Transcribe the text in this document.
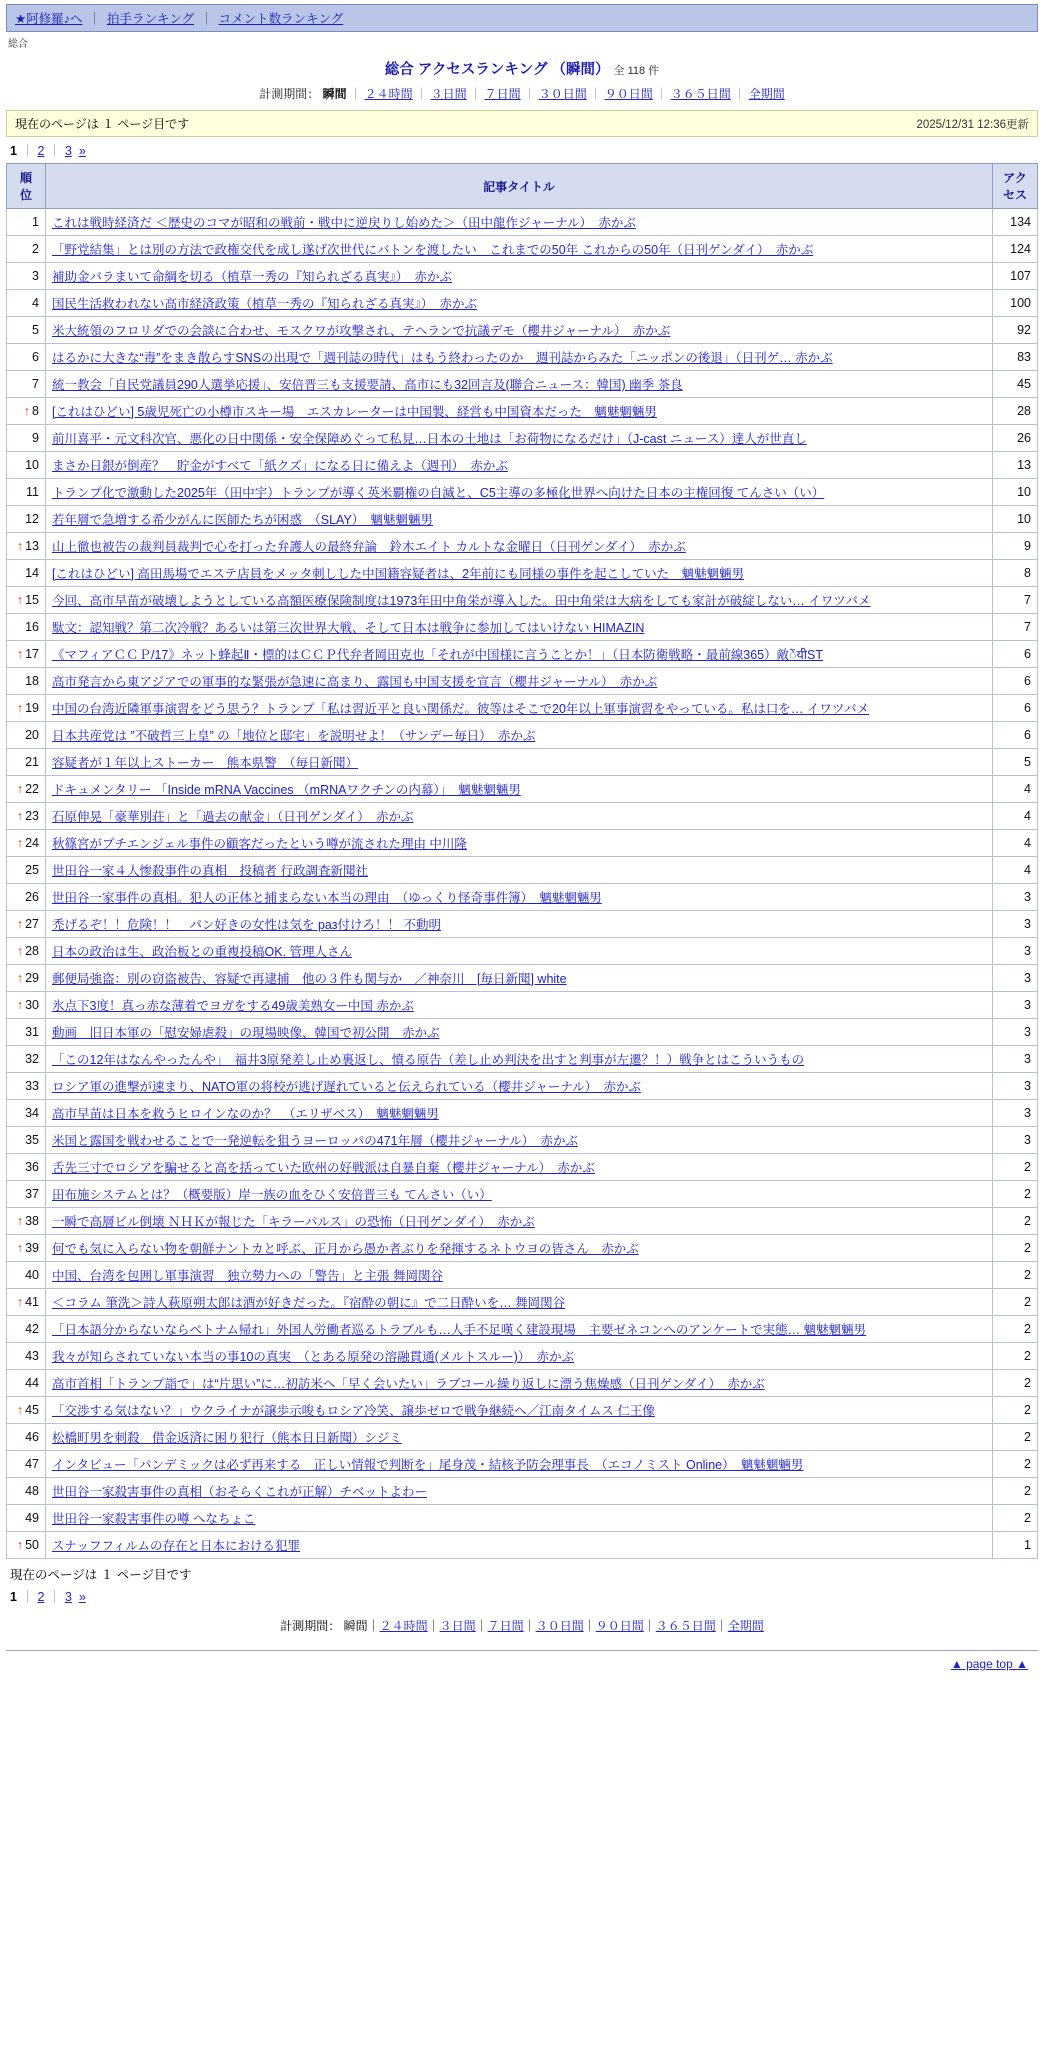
★阿修羅♪へ ｜ 拍手ランキング ｜ コメント数ランキング
総合
総合 アクセスランキング （瞬間） 全 118 件
計測期間： 瞬間 ｜ ２４時間 ｜ ３日間 ｜ ７日間 ｜ ３０日間 ｜ ９０日間 ｜ ３６５日間 ｜ 全期間
現在のページは １ ページ目です	2025/12/31 12:36更新
1 ｜ 2 ｜ 3 »
順
位	記事タイトル	アク
セス
1	これは戦時経済だ ＜歴史のコマが昭和の戦前・戦中に逆戻りし始めた＞（田中龍作ジャーナル）　赤かぶ	134
2	「野党結集」とは別の方法で政権交代を成し遂げ次世代にバトンを渡したい　これまでの50年 これからの50年（日刊ゲンダイ）　赤かぶ	124
3	補助金バラまいて命綱を切る（植草一秀の『知られざる真実』）　赤かぶ	107
4	国民生活救われない高市経済政策（植草一秀の『知られざる真実』）　赤かぶ	100
5	米大統領のフロリダでの会談に合わせ、モスクワが攻撃され、テヘランで抗議デモ（櫻井ジャーナル）　赤かぶ	92
6	はるかに大きな“毒”をまき散らすSNSの出現で「週刊誌の時代」はもう終わったのか　週刊誌からみた「ニッポンの後退」（日刊ゲ… 赤かぶ	83
7	統一教会「自民党議員290人選挙応援」、安倍晋三も支援要請、高市にも32回言及(聯合ニュース：韓国) 幽季 茶良	45
↑ 8	[これはひどい] 5歳児死亡の小樽市スキー場　エスカレーターは中国製、経営も中国資本だった　魑魅魍魎男	28
9	前川喜平・元文科次官、悪化の日中関係・安全保障めぐって私見…日本の土地は「お荷物になるだけ」（J-cast ニュース）達人が世直し	26
10	まさか日銀が倒産？　貯金がすべて「紙クズ」になる日に備えよ（週刊）　赤かぶ	13
11	トランプ化で激動した2025年（田中宇）トランプが導く英米覇権の自滅と、C5主導の多極化世界へ向けた日本の主権回復 てんさい（い）	10
12	若年層で急増する希少がんに医師たちが困惑　（SLAY）　魑魅魍魎男	10
↑ 13	山上徹也被告の裁判員裁判で心を打った弁護人の最終弁論　鈴木エイト カルトな金曜日（日刊ゲンダイ）　赤かぶ	9
14	[これはひどい] 高田馬場でエステ店員をメッタ刺しした中国籍容疑者は、2年前にも同様の事件を起こしていた　魑魅魍魎男	8
↑ 15	今回、高市早苗が破壊しようとしている高額医療保険制度は1973年田中角栄が導入した。田中角栄は大病をしても家計が破綻しない… イワツバメ	7
16	駄文：認知戦？第二次冷戦？あるいは第三次世界大戦、そして日本は戦争に参加してはいけない HIMAZIN	7
↑ 17	《マフィアＣＣＰ/17》ネット蜂起Ⅱ・標的はＣＣＰ代弁者岡田克也「それが中国様に言うことか！」（日本防衛戦略・最前線365）敵ेंयीST	6
18	高市発言から東アジアでの軍事的な緊張が急速に高まり、露国も中国支援を宣言（櫻井ジャーナル）　赤かぶ	6
↑ 19	中国の台湾近隣軍事演習をどう思う？トランプ「私は習近平と良い関係だ。彼等はそこで20年以上軍事演習をやっている。私は口を… イワツバメ	6
20	日本共産党は ”不破哲三上皇” の「地位と邸宅」を説明せよ！（サンデー毎日）　赤かぶ	6
21	容疑者が１年以上ストーカー　熊本県警　（毎日新聞）	5
↑ 22	ドキュメンタリー 「Inside mRNA Vaccines （mRNAワクチンの内幕）」　魑魅魍魎男	4
↑ 23	石原伸晃「豪華別荘」と「過去の献金」（日刊ゲンダイ）　赤かぶ	4
↑ 24	秋篠宮がプチエンジェル事件の顧客だったという噂が流された理由 中川隆	4
25	世田谷一家４人惨殺事件の真相　投稿者 行政調査新聞社	4
26	世田谷一家事件の真相。犯人の正体と捕まらない本当の理由　（ゆっくり怪奇事件簿）　魑魅魍魎男	3
↑ 27	禿げるぞ！！危険！！　パン好きの女性は気を раз付けろ！！ 不動明	3
↑ 28	日本の政治は生、政治板との重複投稿OK. 管理人さん	3
↑ 29	郵便局強盗：別の窃盗被告、容疑で再逮捕　他の３件も関与か　／神奈川　[毎日新聞] white	3
↑ 30	氷点下3度！真っ赤な薄着でヨガをする49歳美熟女ー中国 赤かぶ	3
31	動画　旧日本軍の「慰安婦虐殺」の現場映像、韓国で初公開　赤かぶ	3
32	「この12年はなんやったんや」　福井3原発差し止め裏返し、憤る原告（差し止め判決を出すと判事が左遷？！）戦争とはこういうもの	3
33	ロシア軍の進撃が速まり、NATO軍の将校が逃げ遅れていると伝えられている（櫻井ジャーナル）　赤かぶ	3
34	高市早苗は日本を救うヒロインなのか？　（エリザベス）　魑魅魍魎男	3
35	米国と露国を戦わせることで一発逆転を狙うヨーロッパの471年層（櫻井ジャーナル）　赤かぶ	3
36	舌先三寸でロシアを騙せると高を括っていた欧州の好戦派は自暴自棄（櫻井ジャーナル）　赤かぶ	2
37	田布施システムとは？（概要版）岸一族の血をひく安倍晋三も てんさい（い）	2
↑ 38	一瞬で高層ビル倒壊 ＮＨＫが報じた「キラーパルス」の恐怖（日刊ゲンダイ）　赤かぶ	2
↑ 39	何でも気に入らない物を朝鮮ナントカと呼ぶ、正月から愚か者ぶりを発揮するネトウヨの皆さん　赤かぶ	2
40	中国、台湾を包囲し軍事演習　独立勢力への「警告」と主張 舞岡関谷	2
↑ 41	＜コラム 筆洗＞詩人萩原朔太郎は酒が好きだった。『宿酔の朝に』で二日酔いを… 舞岡関谷	2
42	「日本語分からないならベトナム帰れ」外国人労働者巡るトラブルも…人手不足嘆く建設現場　主要ゼネコンへのアンケートで実態… 魑魅魍魎男	2
43	我々が知らされていない本当の事10の真実　（とある原発の溶融貫通(メルトスルー)）　赤かぶ	2
44	高市首相「トランプ詣で」は“片思い”に…初訪米へ「早く会いたい」ラブコール繰り返しに漂う焦燥感（日刊ゲンダイ）　赤かぶ	2
↑ 45	「交渉する気はない？」ウクライナが譲歩示唆もロシア冷笑、譲歩ゼロで戦争継続へ／江南タイムス 仁王像	2
46	松橋町男を刺殺　借金返済に困り犯行（熊本日日新聞）シジミ	2
47	インタビュー「パンデミックは必ず再来する　正しい情報で判断を」尾身茂・結核予防会理事長　（エコノミスト Online）　魑魅魍魎男	2
48	世田谷一家殺害事件の真相（おそらくこれが正解）チベットよわー	2
49	世田谷一家殺害事件の噂 へなちょこ	2
↑ 50	スナッフフィルムの存在と日本における犯罪	1
現在のページは １ ページ目です
1 ｜ 2 ｜ 3 »
計測期間： 瞬間｜２４時間｜３日間｜７日間｜３０日間｜９０日間｜３６５日間｜全期間
▲ page top ▲
